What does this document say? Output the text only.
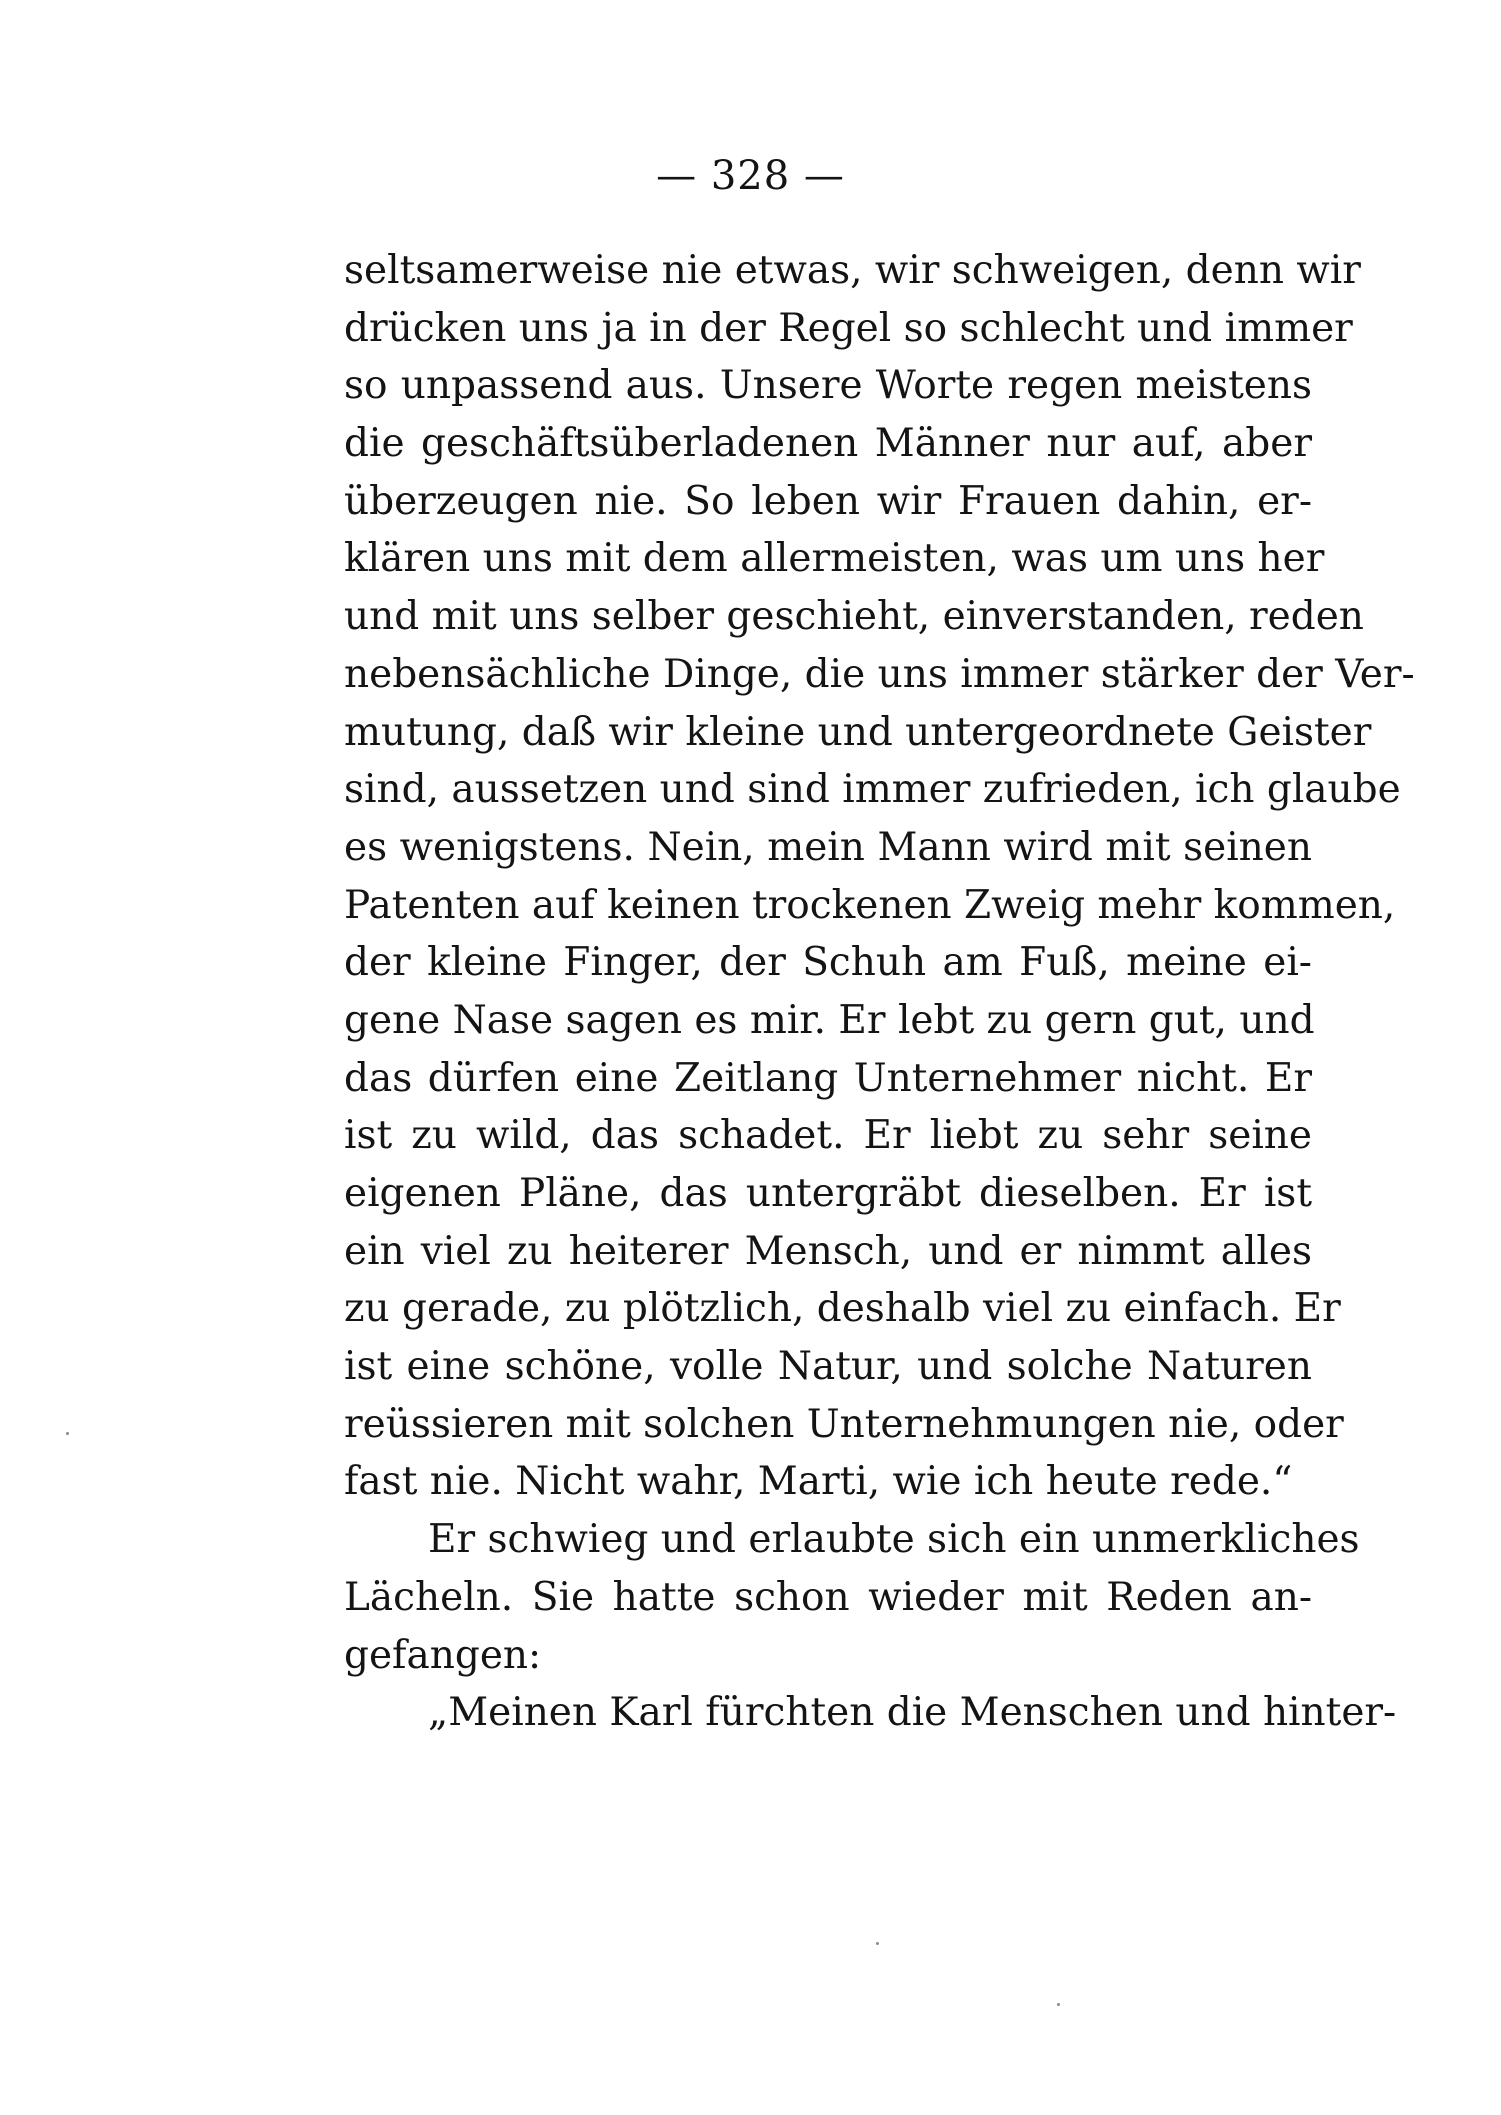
— 328 —
seltsamerweise nie etwas, wir schweigen, denn wir
drücken uns ja in der Regel so schlecht und immer
so unpassend aus. Unsere Worte regen meistens
die geschäftsüberladenen Männer nur auf, aber
überzeugen nie. So leben wir Frauen dahin, er-
klären uns mit dem allermeisten, was um uns her
und mit uns selber geschieht, einverstanden, reden
nebensächliche Dinge, die uns immer stärker der Ver-
mutung, daß wir kleine und untergeordnete Geister
sind, aussetzen und sind immer zufrieden, ich glaube
es wenigstens. Nein, mein Mann wird mit seinen
Patenten auf keinen trockenen Zweig mehr kommen,
der kleine Finger, der Schuh am Fuß, meine ei-
gene Nase sagen es mir. Er lebt zu gern gut, und
das dürfen eine Zeitlang Unternehmer nicht. Er
ist zu wild, das schadet. Er liebt zu sehr seine
eigenen Pläne, das untergräbt dieselben. Er ist
ein viel zu heiterer Mensch, und er nimmt alles
zu gerade, zu plötzlich, deshalb viel zu einfach. Er
ist eine schöne, volle Natur, und solche Naturen
reüssieren mit solchen Unternehmungen nie, oder
fast nie. Nicht wahr, Marti, wie ich heute rede.“
Er schwieg und erlaubte sich ein unmerkliches
Lächeln. Sie hatte schon wieder mit Reden an-
gefangen:
„Meinen Karl fürchten die Menschen und hinter-
